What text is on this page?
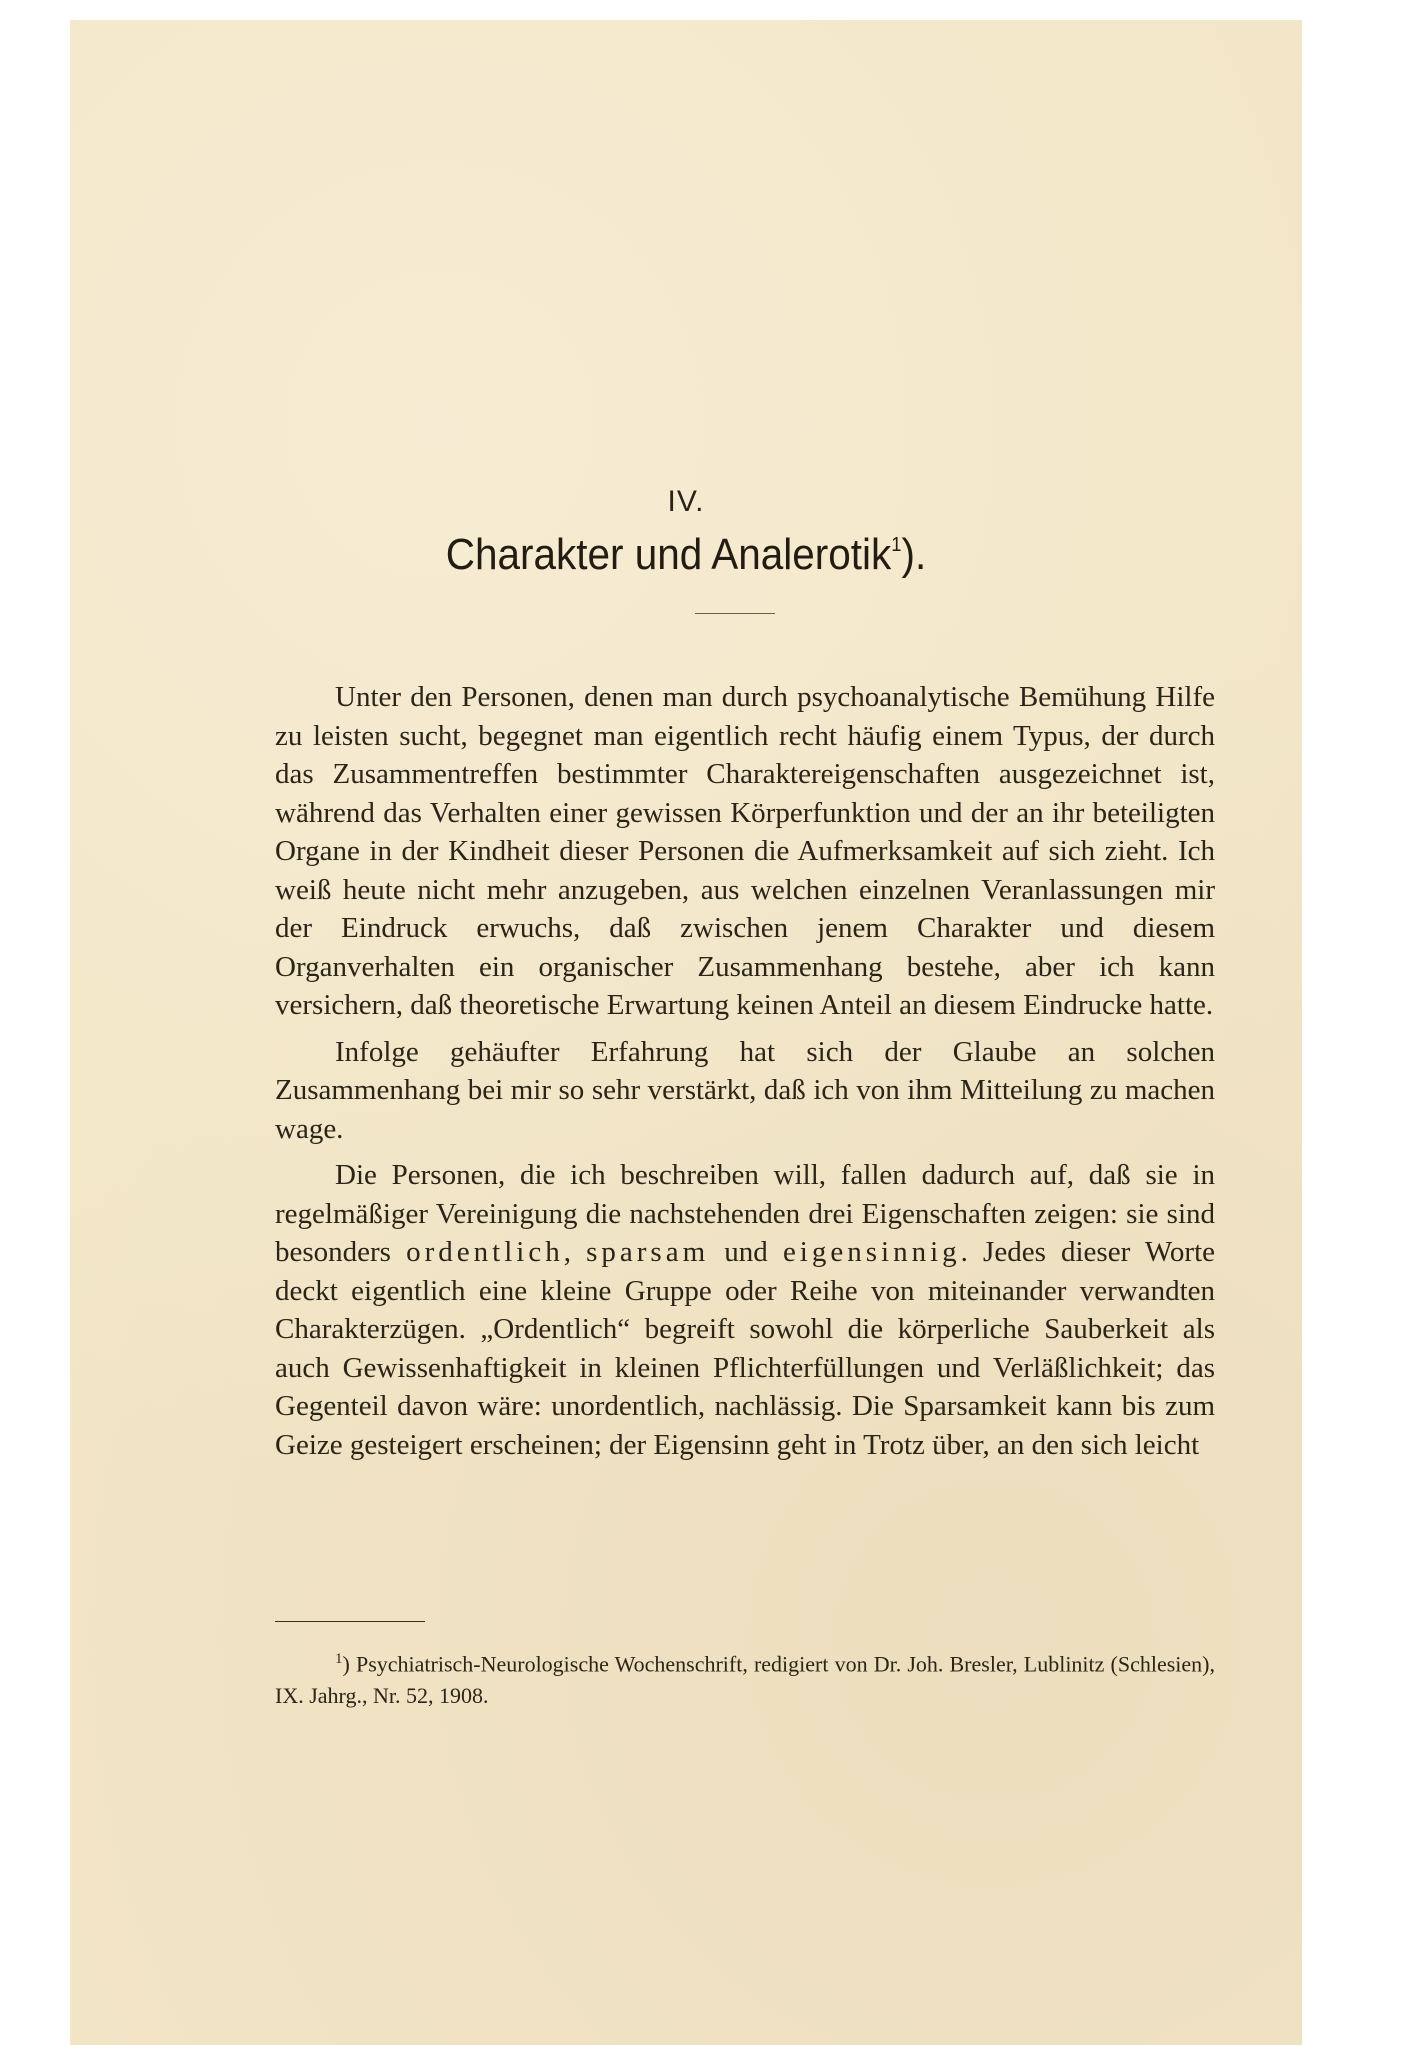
IV.
Charakter und Analerotik$^1$).

Unter den Personen, denen man durch psychoanalytische Bemühung Hilfe zu leisten sucht, begegnet man eigentlich recht häufig einem Typus, der durch das Zusammentreffen bestimmter Charaktereigenschaften ausgezeichnet ist, während das Verhalten einer gewissen Körperfunktion und der an ihr beteiligten Organe in der Kindheit dieser Personen die Aufmerksamkeit auf sich zieht. Ich weiß heute nicht mehr anzugeben, aus welchen einzelnen Veranlassungen mir der Eindruck erwuchs, daß zwischen jenem Charakter und diesem Organverhalten ein organischer Zusammenhang bestehe, aber ich kann versichern, daß theoretische Erwartung keinen Anteil an diesem Eindrucke hatte.

Infolge gehäufter Erfahrung hat sich der Glaube an solchen Zusammenhang bei mir so sehr verstärkt, daß ich von ihm Mitteilung zu machen wage.

Die Personen, die ich beschreiben will, fallen dadurch auf, daß sie in regelmäßiger Vereinigung die nachstehenden drei Eigenschaften zeigen: sie sind besonders ordentlich, sparsam und eigensinnig. Jedes dieser Worte deckt eigentlich eine kleine Gruppe oder Reihe von miteinander verwandten Charakterzügen. „Ordentlich“ begreift sowohl die körperliche Sauberkeit als auch Gewissenhaftigkeit in kleinen Pflichterfüllungen und Verläßlichkeit; das Gegenteil davon wäre: unordentlich, nachlässig. Die Sparsamkeit kann bis zum Geize gesteigert erscheinen; der Eigensinn geht in Trotz über, an den sich leicht

$^1$) Psychiatrisch-Neurologische Wochenschrift, redigiert von Dr. Joh. Bresler, Lublinitz (Schlesien), IX. Jahrg., Nr. 52, 1908.
